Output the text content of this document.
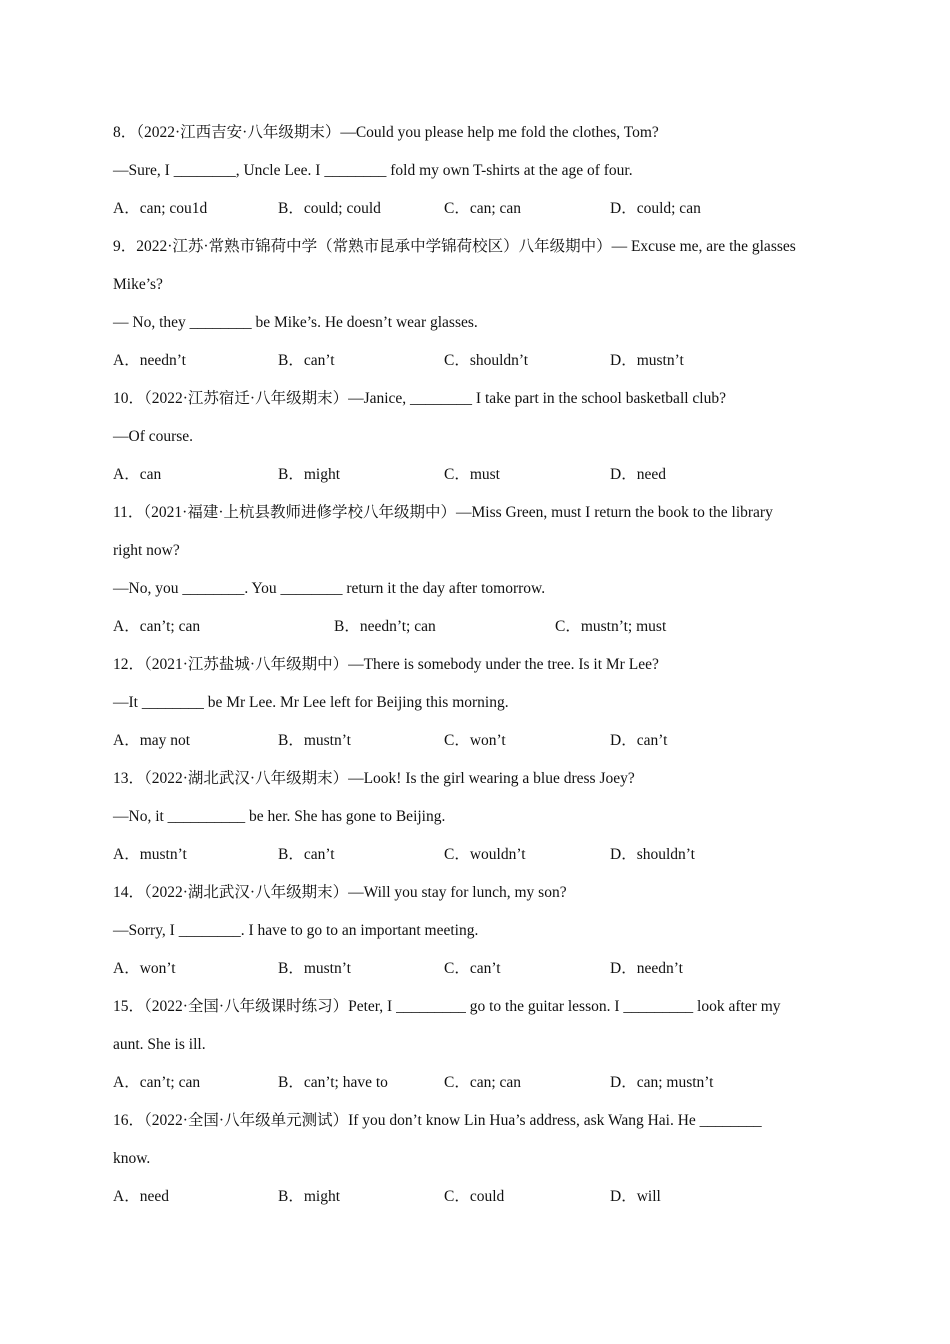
8．（2022·江西吉安·八年级期末）—Could you please help me fold the clothes, Tom?
—Sure, I ________, Uncle Lee. I ________ fold my own T-shirts at the age of four.
A．can; cou1d	B．could; could	C．can; can	D．could; can
9．2022·江苏·常熟市锦荷中学（常熟市昆承中学锦荷校区）八年级期中）— Excuse me, are the glasses
Mike’s?
— No, they ________ be Mike’s. He doesn’t wear glasses.
A．needn’t	B．can’t	C．shouldn’t	D．mustn’t
10．（2022·江苏宿迁·八年级期末）—Janice, ________ I take part in the school basketball club?
—Of course.
A．can	B．might	C．must	D．need
11．（2021·福建·上杭县教师进修学校八年级期中）—Miss Green, must I return the book to the library
right now?
—No, you ________. You ________ return it the day after tomorrow.
A．can’t; can	B．needn’t; can	C．mustn’t; must
12．（2021·江苏盐城·八年级期中）—There is somebody under the tree. Is it Mr Lee?
—It ________ be Mr Lee. Mr Lee left for Beijing this morning.
A．may not	B．mustn’t	C．won’t	D．can’t
13．（2022·湖北武汉·八年级期末）—Look! Is the girl wearing a blue dress Joey?
—No, it __________ be her. She has gone to Beijing.
A．mustn’t	B．can’t	C．wouldn’t	D．shouldn’t
14．（2022·湖北武汉·八年级期末）—Will you stay for lunch, my son?
—Sorry, I ________. I have to go to an important meeting.
A．won’t	B．mustn’t	C．can’t	D．needn’t
15．（2022·全国·八年级课时练习）Peter, I _________ go to the guitar lesson. I _________ look after my
aunt. She is ill.
A．can’t; can	B．can’t; have to	C．can; can	D．can; mustn’t
16．（2022·全国·八年级单元测试）If you don’t know Lin Hua’s address, ask Wang Hai. He ________
know.
A．need	B．might	C．could	D．will
